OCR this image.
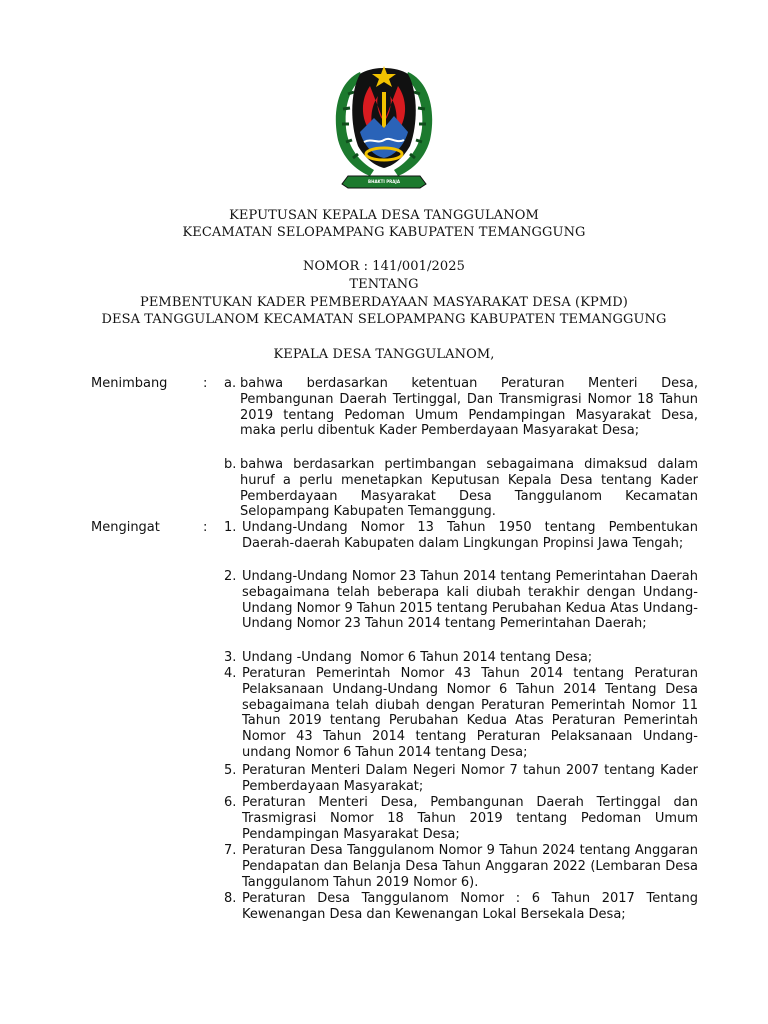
BHAKTI PRAJA
KEPUTUSAN KEPALA DESA TANGGULANOM
KECAMATAN SELOPAMPANG KABUPATEN TEMANGGUNG
NOMOR : 141/001/2025
TENTANG
PEMBENTUKAN KADER PEMBERDAYAAN MASYARAKAT DESA (KPMD)
DESA TANGGULANOM KECAMATAN SELOPAMPANG KABUPATEN TEMANGGUNG
KEPALA DESA TANGGULANOM,
Menimbang	: a. bahwa berdasarkan ketentuan Peraturan Menteri Desa, Pembangunan Daerah Tertinggal, Dan Transmigrasi Nomor 18 Tahun 2019 tentang Pedoman Umum Pendampingan Masyarakat Desa, maka perlu dibentuk Kader Pemberdayaan Masyarakat Desa;
b. bahwa berdasarkan pertimbangan sebagaimana dimaksud dalam huruf a perlu menetapkan Keputusan Kepala Desa tentang Kader Pemberdayaan Masyarakat Desa Tanggulanom Kecamatan Selopampang Kabupaten Temanggung.
Mengingat	: 1. Undang-Undang Nomor 13 Tahun 1950 tentang Pembentukan Daerah-daerah Kabupaten dalam Lingkungan Propinsi Jawa Tengah;
2. Undang-Undang Nomor 23 Tahun 2014 tentang Pemerintahan Daerah sebagaimana telah beberapa kali diubah terakhir dengan Undang-Undang Nomor 9 Tahun 2015 tentang Perubahan Kedua Atas Undang-Undang Nomor 23 Tahun 2014 tentang Pemerintahan Daerah;
3. Undang -Undang  Nomor 6 Tahun 2014 tentang Desa;
4. Peraturan Pemerintah Nomor 43 Tahun 2014 tentang Peraturan Pelaksanaan Undang-Undang Nomor 6 Tahun 2014 Tentang Desa sebagaimana telah diubah dengan Peraturan Pemerintah Nomor 11 Tahun 2019 tentang Perubahan Kedua Atas Peraturan Pemerintah Nomor 43 Tahun 2014 tentang Peraturan Pelaksanaan Undang-undang Nomor 6 Tahun 2014 tentang Desa;
5. Peraturan Menteri Dalam Negeri Nomor 7 tahun 2007 tentang Kader Pemberdayaan Masyarakat;
6. Peraturan Menteri Desa, Pembangunan Daerah Tertinggal dan Trasmigrasi Nomor 18 Tahun 2019 tentang Pedoman Umum Pendampingan Masyarakat Desa;
7. Peraturan Desa Tanggulanom Nomor 9 Tahun 2024 tentang Anggaran Pendapatan dan Belanja Desa Tahun Anggaran 2022 (Lembaran Desa Tanggulanom Tahun 2019 Nomor 6).
8. Peraturan Desa Tanggulanom Nomor : 6 Tahun 2017 Tentang Kewenangan Desa dan Kewenangan Lokal Bersekala Desa;
